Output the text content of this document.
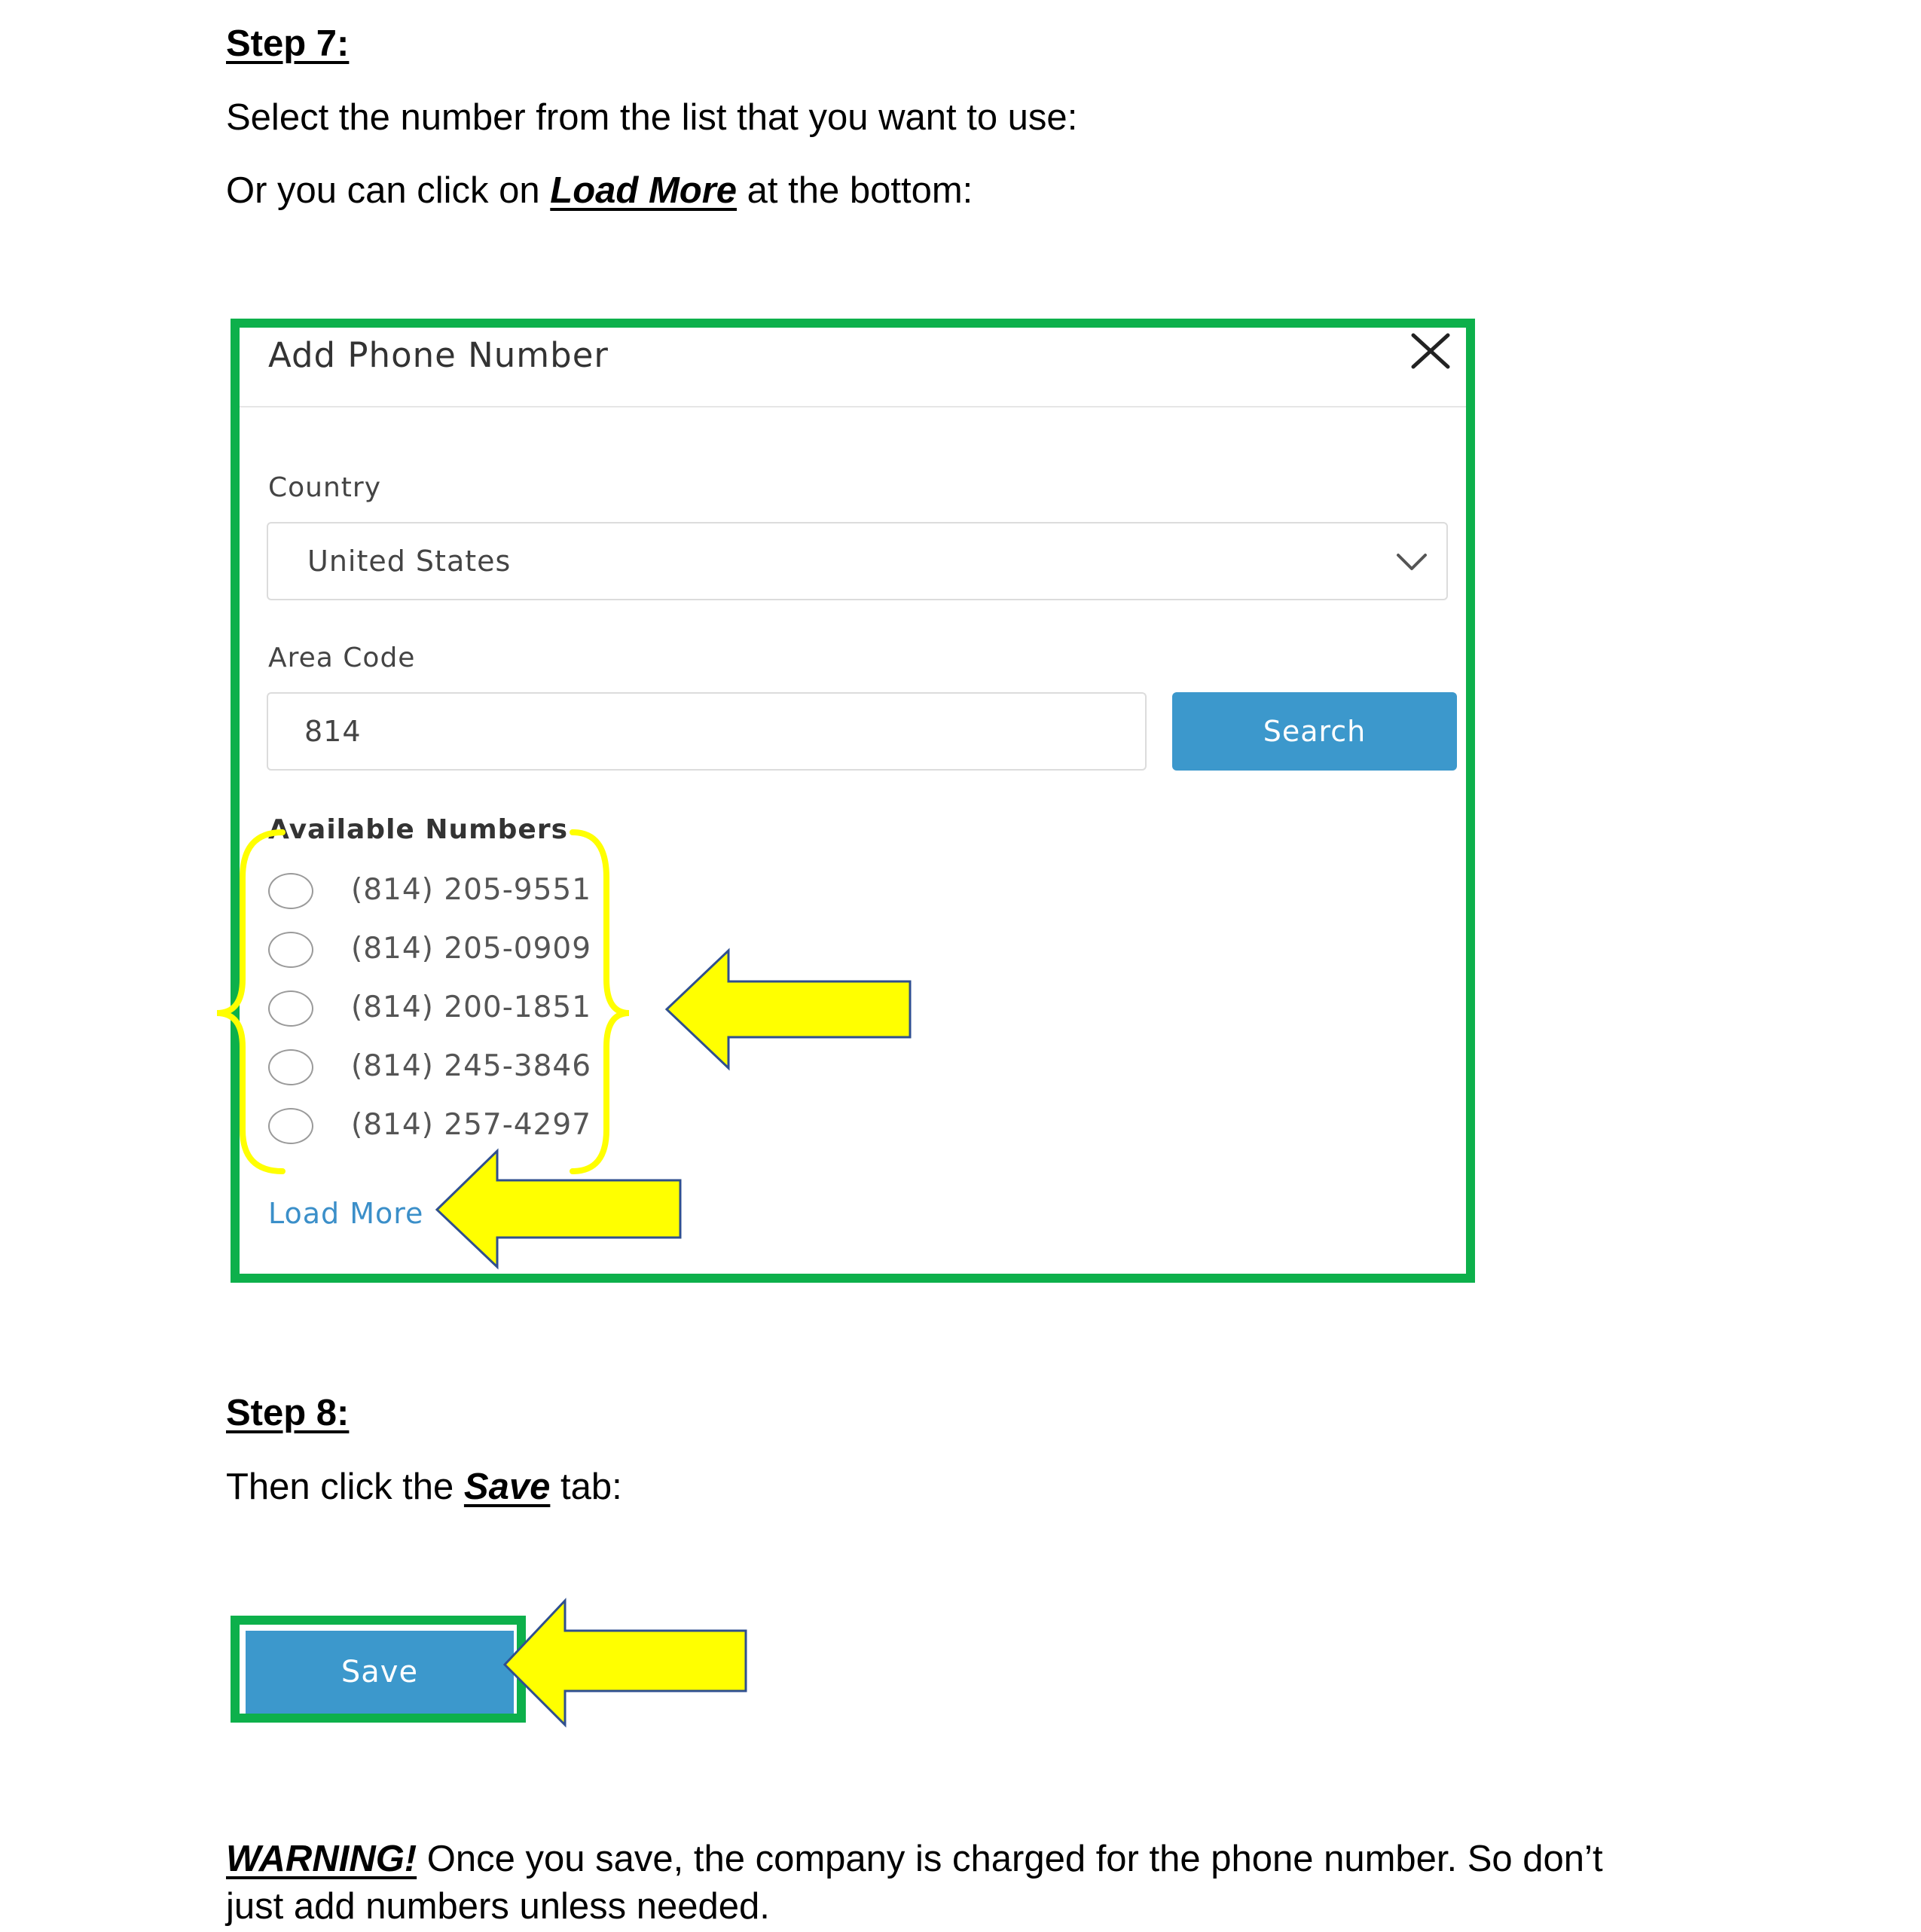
Step 7:
Select the number from the list that you want to use:
Or you can click on Load More at the bottom:
Add Phone Number
Country
United States
Area Code
814	Search
Available Numbers
(814) 205-9551
(814) 205-0909
(814) 200-1851
(814) 245-3846
(814) 257-4297
Load More
Step 8:
Then click the Save tab:
Save
WARNING! Once you save, the company is charged for the phone number. So don’t
just add numbers unless needed.
